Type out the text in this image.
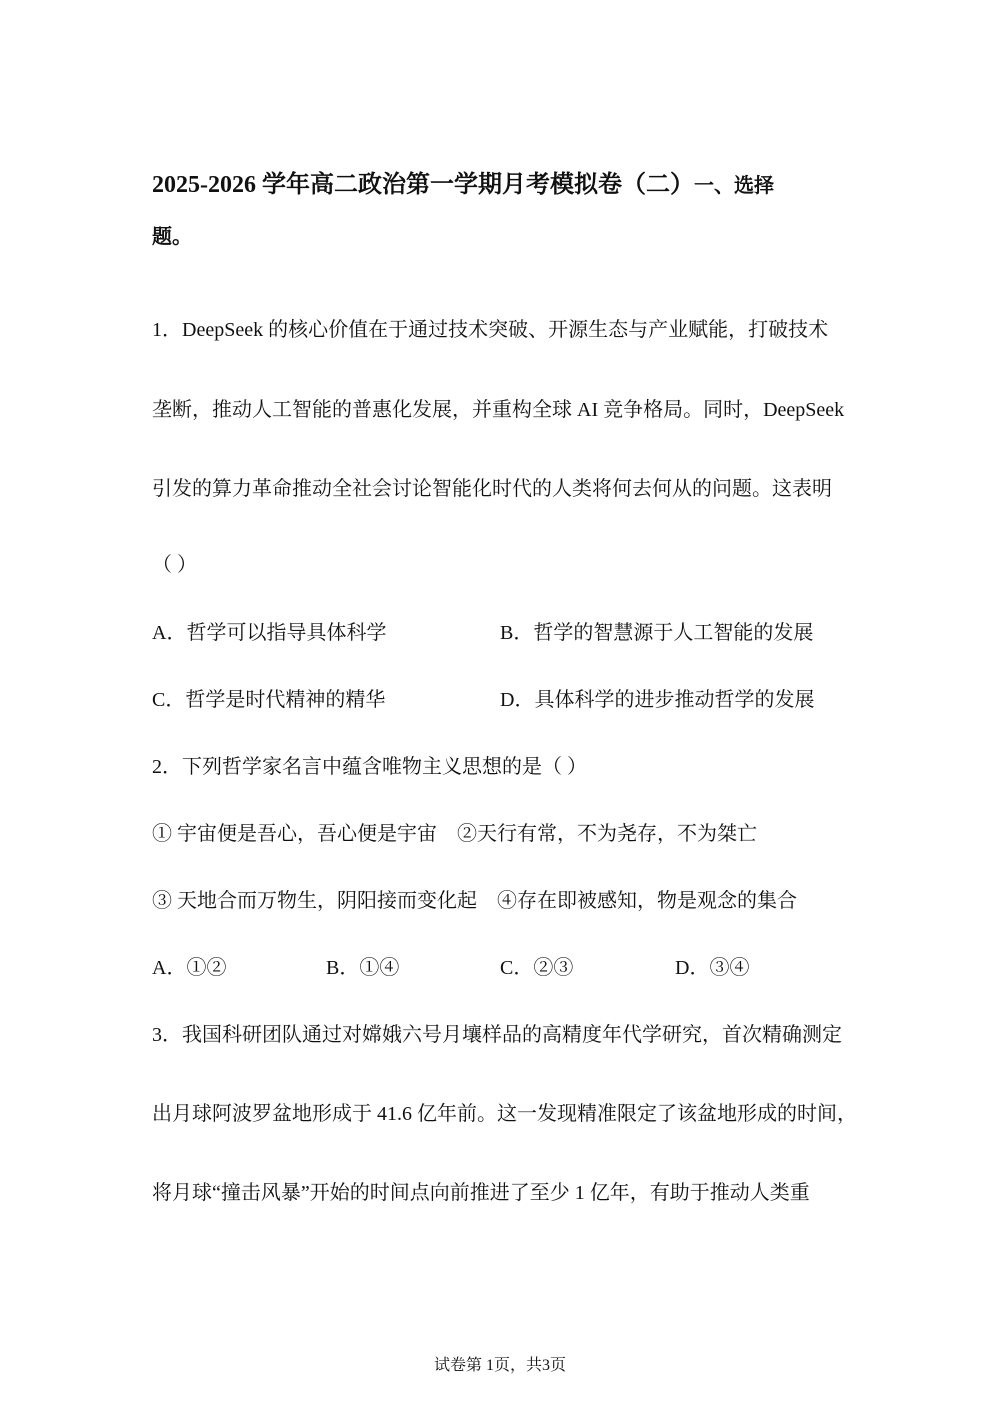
2025-2026 学年高二政治第一学期月考模拟卷（二）一、选择
题。
1．DeepSeek 的核心价值在于通过技术突破、开源生态与产业赋能，打破技术
垄断，推动人工智能的普惠化发展，并重构全球 AI 竞争格局。同时，DeepSeek
引发的算力革命推动全社会讨论智能化时代的人类将何去何从的问题。这表明
（ ）
A．哲学可以指导具体科学	B．哲学的智慧源于人工智能的发展
C．哲学是时代精神的精华	D．具体科学的进步推动哲学的发展
2．下列哲学家名言中蕴含唯物主义思想的是（ ）
① 宇宙便是吾心，吾心便是宇宙　②天行有常，不为尧存，不为桀亡
③ 天地合而万物生，阴阳接而变化起　④存在即被感知，物是观念的集合
A．①②	B．①④	C．②③	D．③④
3．我国科研团队通过对嫦娥六号月壤样品的高精度年代学研究，首次精确测定
出月球阿波罗盆地形成于 41.6 亿年前。这一发现精准限定了该盆地形成的时间，
将月球“撞击风暴”开始的时间点向前推进了至少 1 亿年，有助于推动人类重
试卷第 1页，共3页
